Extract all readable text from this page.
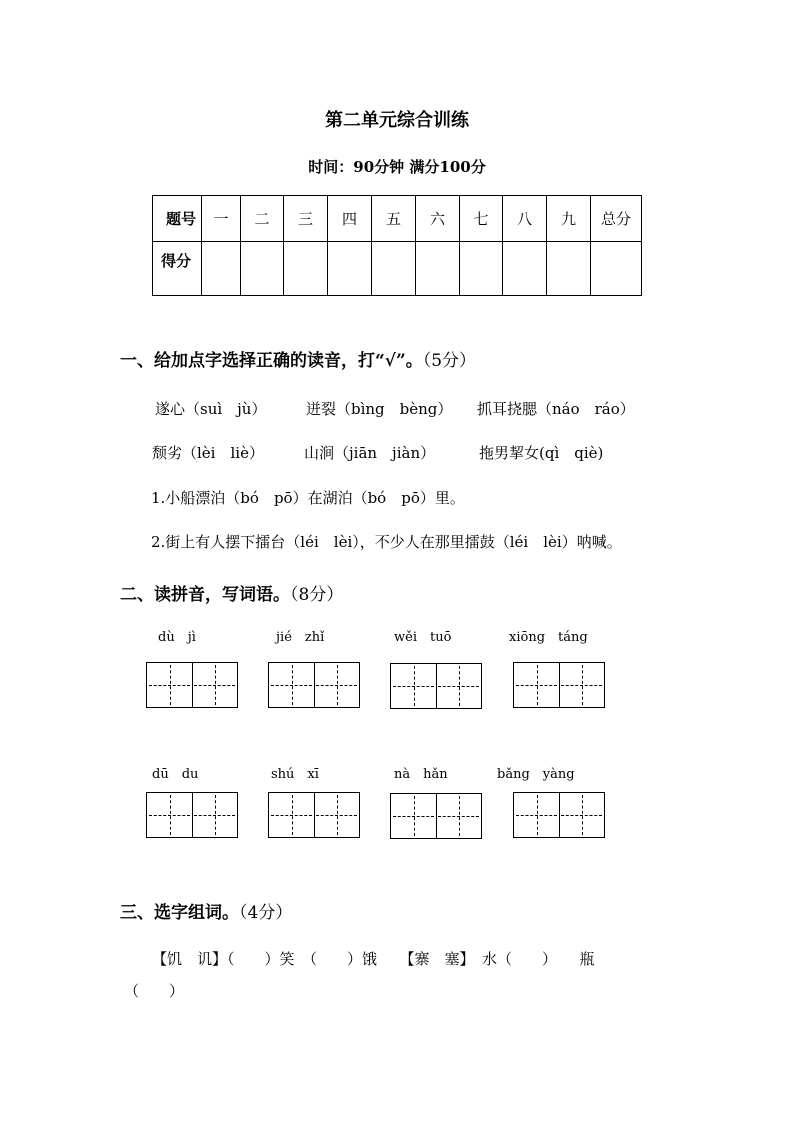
第二单元综合训练
时间：90分钟 满分100分
题号	一	二	三	四	五	六	七	八	九	总分
得分										
一、给加点字选择正确的读音，打“√”。（5分）
遂心（suì　jù）	迸裂（bìng　bèng） 抓耳挠腮（náo　ráo）
颓劣（lèi　liè）	山涧（jiān　jiàn）	拖男挈女(qì　qiè)
1.小船漂泊（bó　pō）在湖泊（bó　pō）里。
2.街上有人摆下擂台（léi　lèi），不少人在那里擂鼓（léi　lèi）呐喊。
二、读拼音，写词语。（8分）
dù　jì	jié　zhǐ	wěi　tuō	xiōng　táng
dū　du	shú　xī	nà　hǎn	bǎng　yàng
三、选字组词。（4分）
【饥　讥】（　　）笑　（　　）饿　　【寨　塞】　水（　　）　　瓶
（　　）
